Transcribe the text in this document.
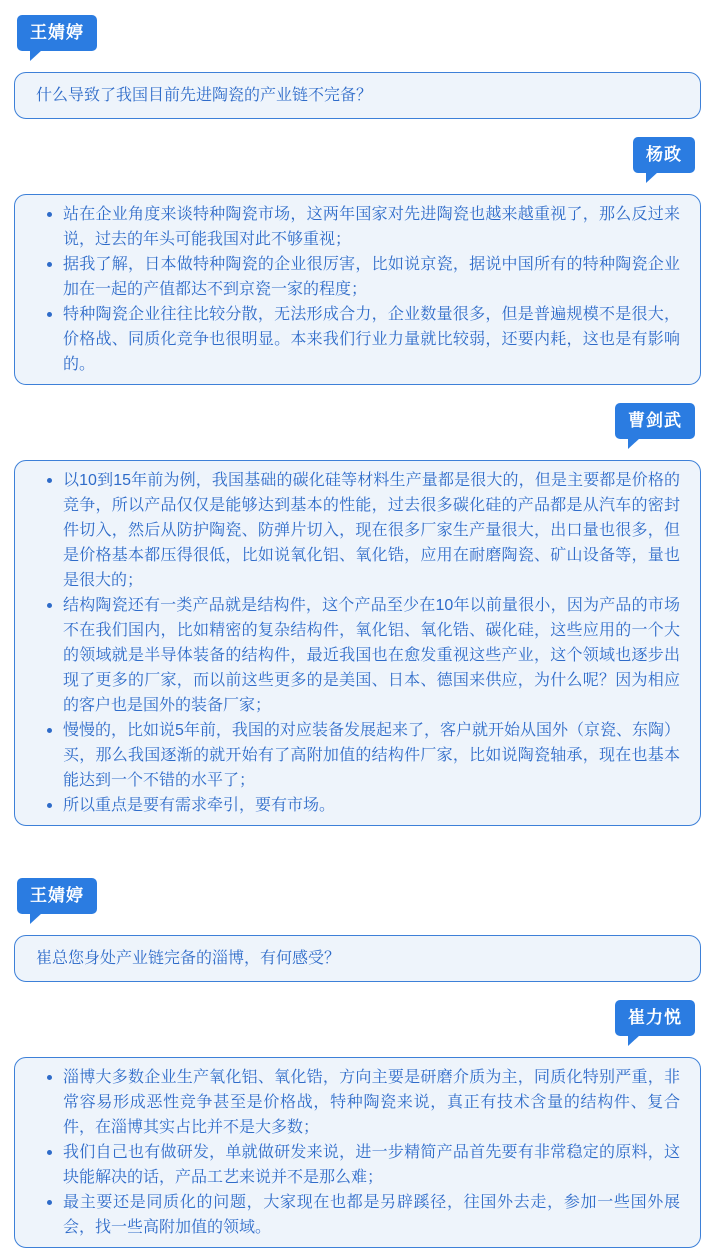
王婧婷

什么导致了我国目前先进陶瓷的产业链不完备？

杨政
站在企业角度来谈特种陶瓷市场，这两年国家对先进陶瓷也越来越重视了，那么反过来说，过去的年头可能我国对此不够重视；
据我了解，日本做特种陶瓷的企业很厉害，比如说京瓷，据说中国所有的特种陶瓷企业加在一起的产值都达不到京瓷一家的程度；
特种陶瓷企业往往比较分散，无法形成合力，企业数量很多，但是普遍规模不是很大，价格战、同质化竞争也很明显。本来我们行业力量就比较弱，还要内耗，这也是有影响的。
曹剑武
以10到15年前为例，我国基础的碳化硅等材料生产量都是很大的，但是主要都是价格的竞争，所以产品仅仅是能够达到基本的性能，过去很多碳化硅的产品都是从汽车的密封件切入，然后从防护陶瓷、防弹片切入，现在很多厂家生产量很大，出口量也很多，但是价格基本都压得很低，比如说氧化铝、氧化锆，应用在耐磨陶瓷、矿山设备等，量也是很大的；
结构陶瓷还有一类产品就是结构件，这个产品至少在10年以前量很小，因为产品的市场不在我们国内，比如精密的复杂结构件，氧化铝、氧化锆、碳化硅，这些应用的一个大的领域就是半导体装备的结构件，最近我国也在愈发重视这些产业，这个领域也逐步出现了更多的厂家，而以前这些更多的是美国、日本、德国来供应，为什么呢？因为相应的客户也是国外的装备厂家；
慢慢的，比如说5年前，我国的对应装备发展起来了，客户就开始从国外（京瓷、东陶）买，那么我国逐渐的就开始有了高附加值的结构件厂家，比如说陶瓷轴承，现在也基本能达到一个不错的水平了；
所以重点是要有需求牵引，要有市场。
王婧婷

崔总您身处产业链完备的淄博，有何感受？

崔力悦
淄博大多数企业生产氧化铝、氧化锆，方向主要是研磨介质为主，同质化特别严重，非常容易形成恶性竞争甚至是价格战，特种陶瓷来说，真正有技术含量的结构件、复合件，在淄博其实占比并不是大多数；
我们自己也有做研发，单就做研发来说，进一步精简产品首先要有非常稳定的原料，这块能解决的话，产品工艺来说并不是那么难；
最主要还是同质化的问题，大家现在也都是另辟蹊径，往国外去走，参加一些国外展会，找一些高附加值的领域。
